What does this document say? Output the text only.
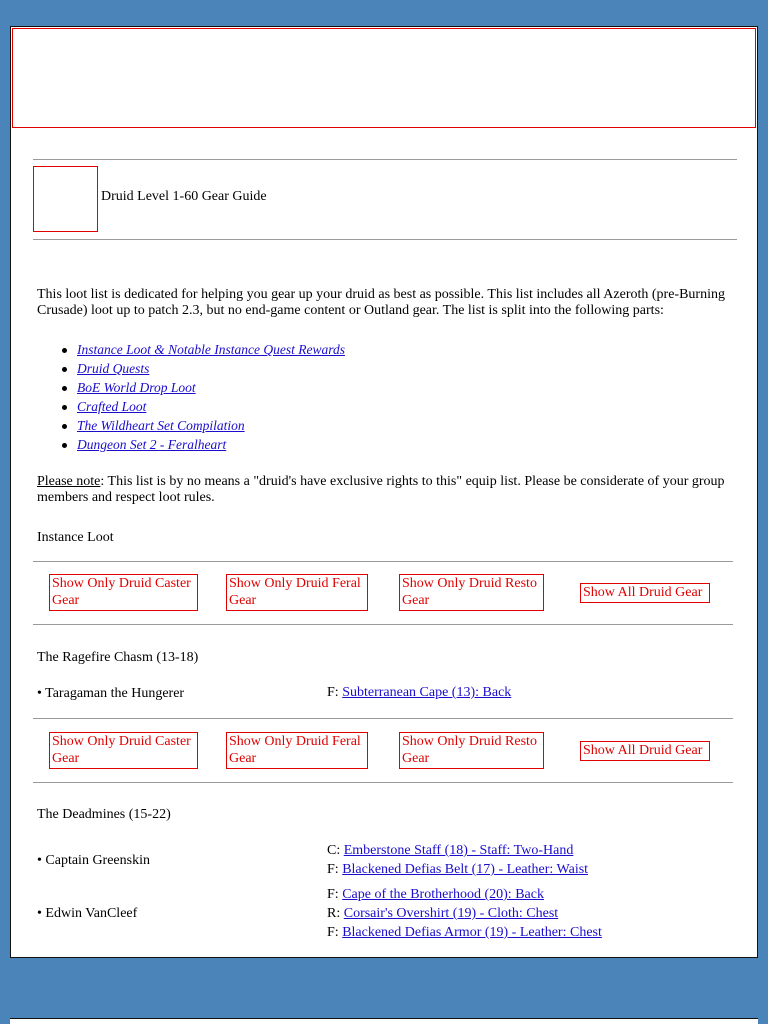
Druid Level 1-60 Gear Guide
This loot list is dedicated for helping you gear up your druid as best as possible. This list includes all Azeroth (pre-Burning Crusade) loot up to patch 2.3, but no end-game content or Outland gear. The list is split into the following parts:
Instance Loot & Notable Instance Quest Rewards
Druid Quests
BoE World Drop Loot
Crafted Loot
The Wildheart Set Compilation
Dungeon Set 2 - Feralheart
Please note: This list is by no means a "druid's have exclusive rights to this" equip list. Please be considerate of your group members and respect loot rules.
Instance Loot
Show Only Druid Caster Gear
Show Only Druid Feral Gear
Show Only Druid Resto Gear
Show All Druid Gear
The Ragefire Chasm (13-18)
• Taragaman the Hungerer	F: Subterranean Cape (13): Back
Show Only Druid Caster Gear
Show Only Druid Feral Gear
Show Only Druid Resto Gear
Show All Druid Gear
The Deadmines (15-22)
• Captain Greenskin
C: Emberstone Staff (18) - Staff: Two-Hand
F: Blackened Defias Belt (17) - Leather: Waist
• Edwin VanCleef
F: Cape of the Brotherhood (20): Back
R: Corsair's Overshirt (19) - Cloth: Chest
F: Blackened Defias Armor (19) - Leather: Chest
